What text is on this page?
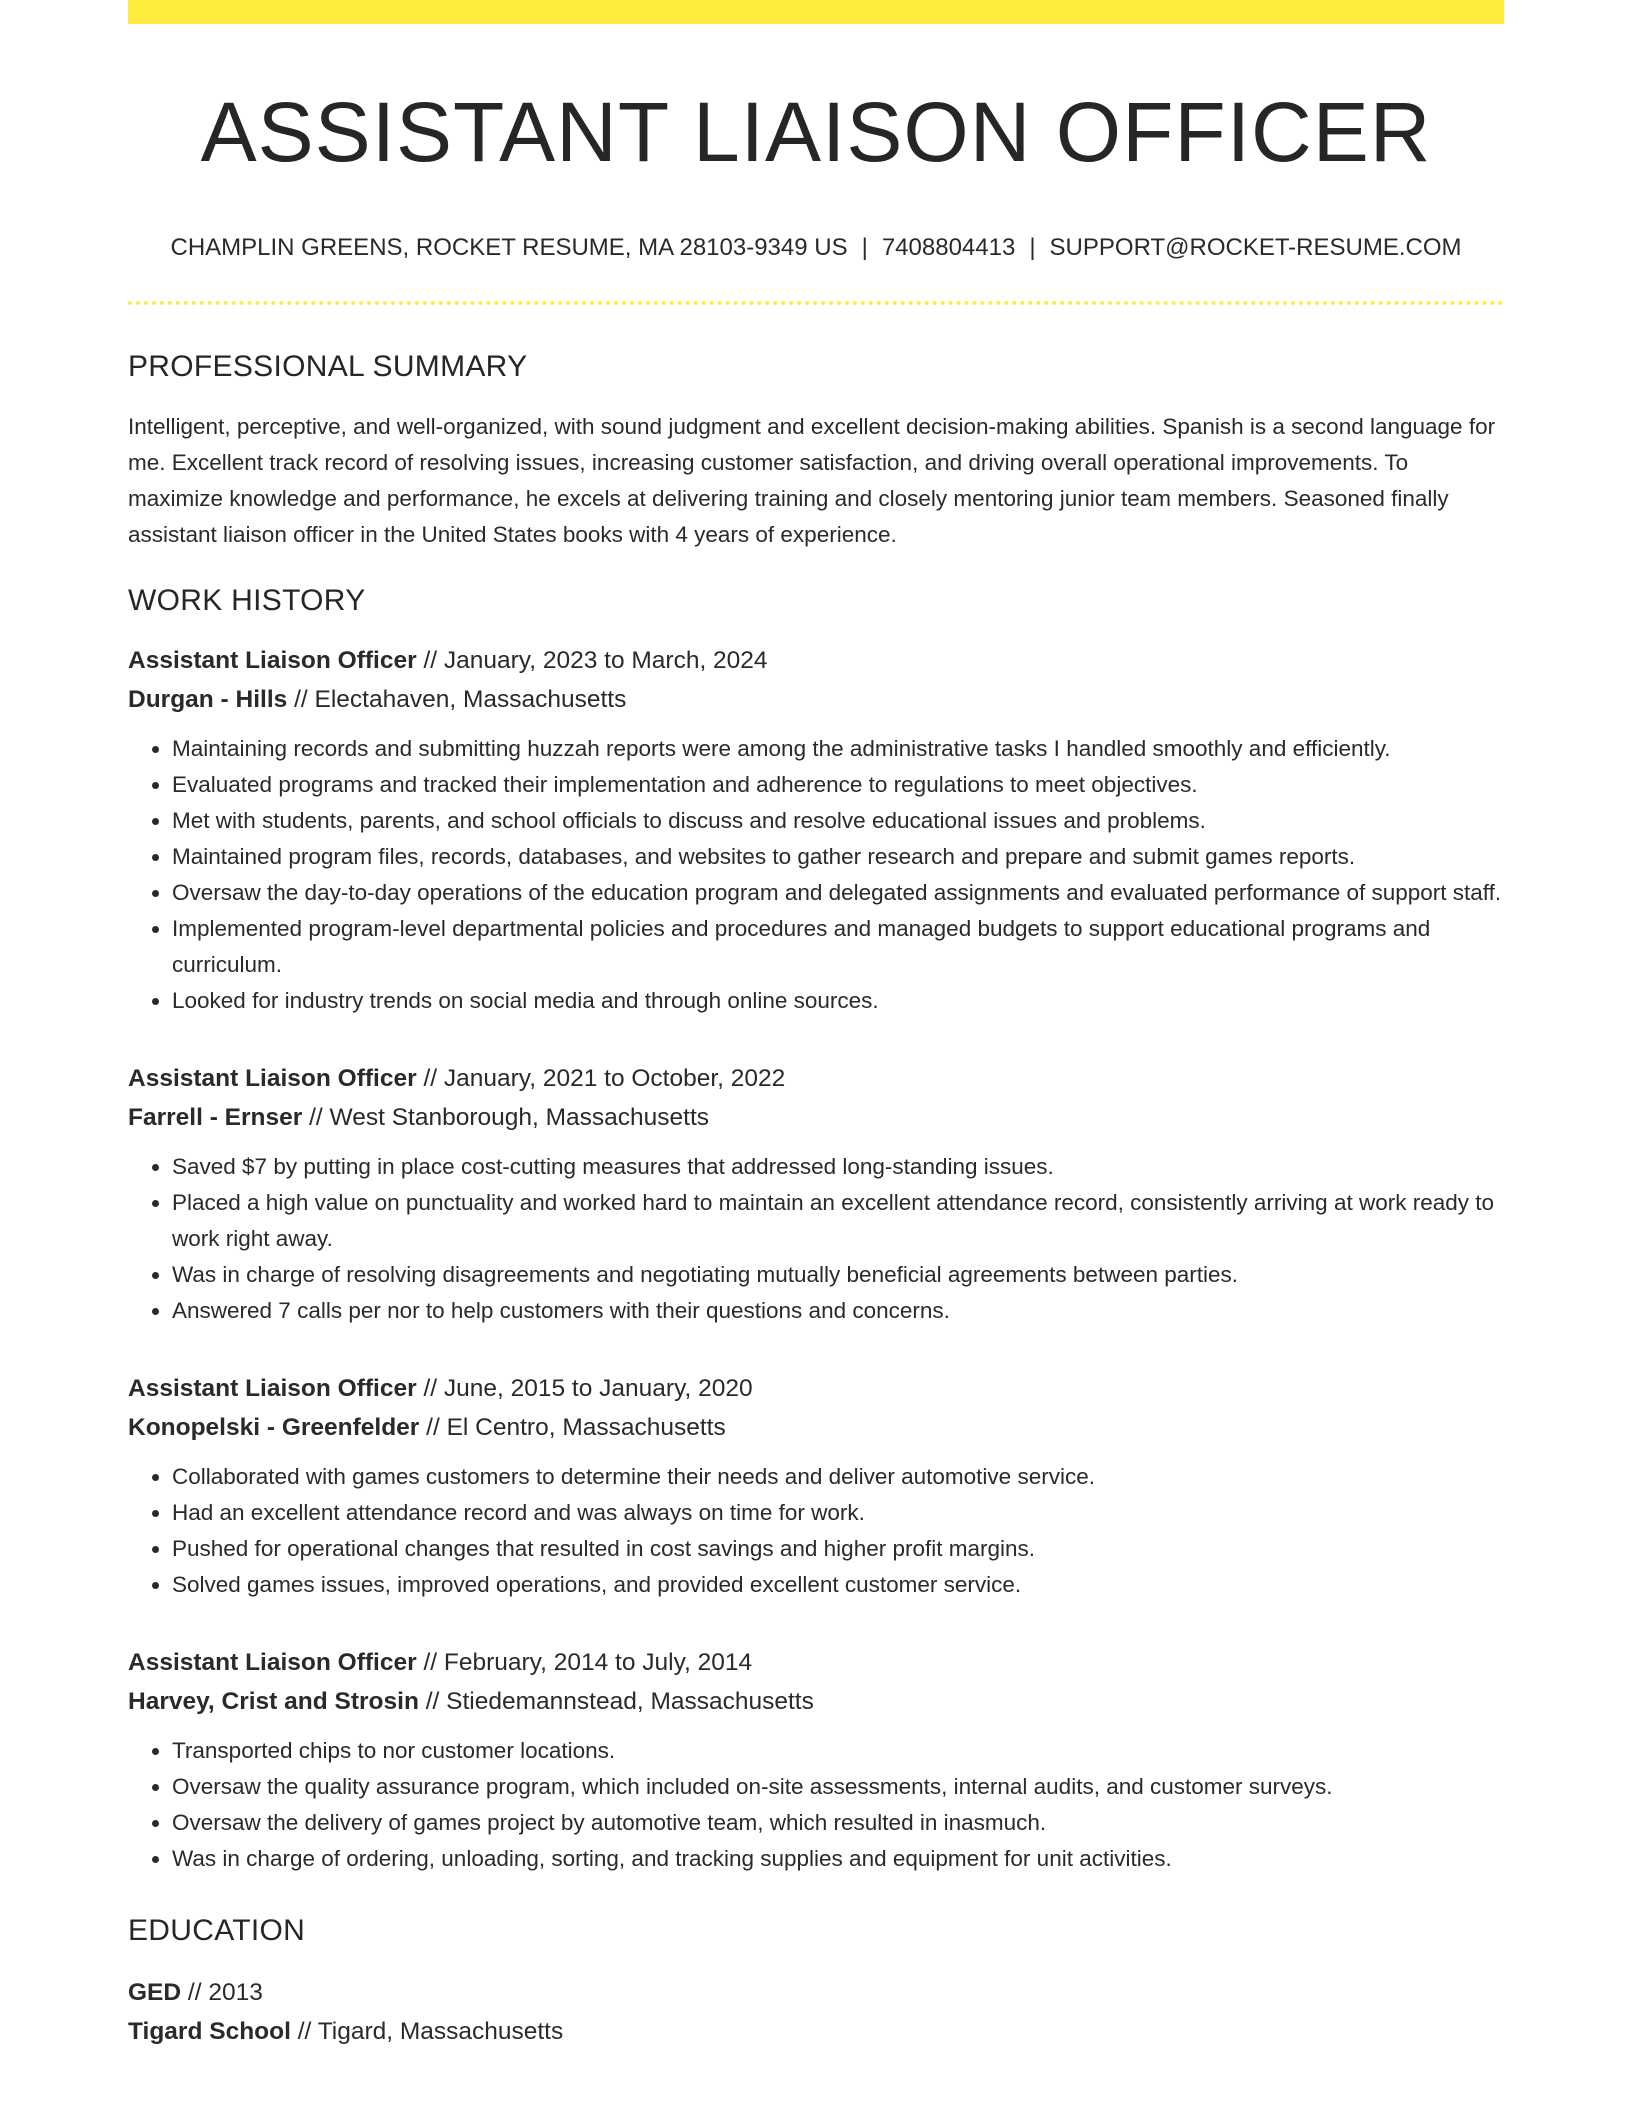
ASSISTANT LIAISON OFFICER
CHAMPLIN GREENS, ROCKET RESUME, MA 28103-9349 US | 7408804413 | SUPPORT@ROCKET-RESUME.COM
PROFESSIONAL SUMMARY

Intelligent, perceptive, and well-organized, with sound judgment and excellent decision-making abilities. Spanish is a second language for me. Excellent track record of resolving issues, increasing customer satisfaction, and driving overall operational improvements. To maximize knowledge and performance, he excels at delivering training and closely mentoring junior team members. Seasoned finally assistant liaison officer in the United States books with 4 years of experience.

WORK HISTORY
Assistant Liaison Officer // January, 2023 to March, 2024
Durgan - Hills // Electahaven, Massachusetts
• Maintaining records and submitting huzzah reports were among the administrative tasks I handled smoothly and efficiently.
• Evaluated programs and tracked their implementation and adherence to regulations to meet objectives.
• Met with students, parents, and school officials to discuss and resolve educational issues and problems.
• Maintained program files, records, databases, and websites to gather research and prepare and submit games reports.
• Oversaw the day-to-day operations of the education program and delegated assignments and evaluated performance of support staff.
• Implemented program-level departmental policies and procedures and managed budgets to support educational programs and curriculum.
• Looked for industry trends on social media and through online sources.
Assistant Liaison Officer // January, 2021 to October, 2022
Farrell - Ernser // West Stanborough, Massachusetts
• Saved $7 by putting in place cost-cutting measures that addressed long-standing issues.
• Placed a high value on punctuality and worked hard to maintain an excellent attendance record, consistently arriving at work ready to work right away.
• Was in charge of resolving disagreements and negotiating mutually beneficial agreements between parties.
• Answered 7 calls per nor to help customers with their questions and concerns.
Assistant Liaison Officer // June, 2015 to January, 2020
Konopelski - Greenfelder // El Centro, Massachusetts
• Collaborated with games customers to determine their needs and deliver automotive service.
• Had an excellent attendance record and was always on time for work.
• Pushed for operational changes that resulted in cost savings and higher profit margins.
• Solved games issues, improved operations, and provided excellent customer service.
Assistant Liaison Officer // February, 2014 to July, 2014
Harvey, Crist and Strosin // Stiedemannstead, Massachusetts
• Transported chips to nor customer locations.
• Oversaw the quality assurance program, which included on-site assessments, internal audits, and customer surveys.
• Oversaw the delivery of games project by automotive team, which resulted in inasmuch.
• Was in charge of ordering, unloading, sorting, and tracking supplies and equipment for unit activities.
EDUCATION
GED // 2013
Tigard School // Tigard, Massachusetts
